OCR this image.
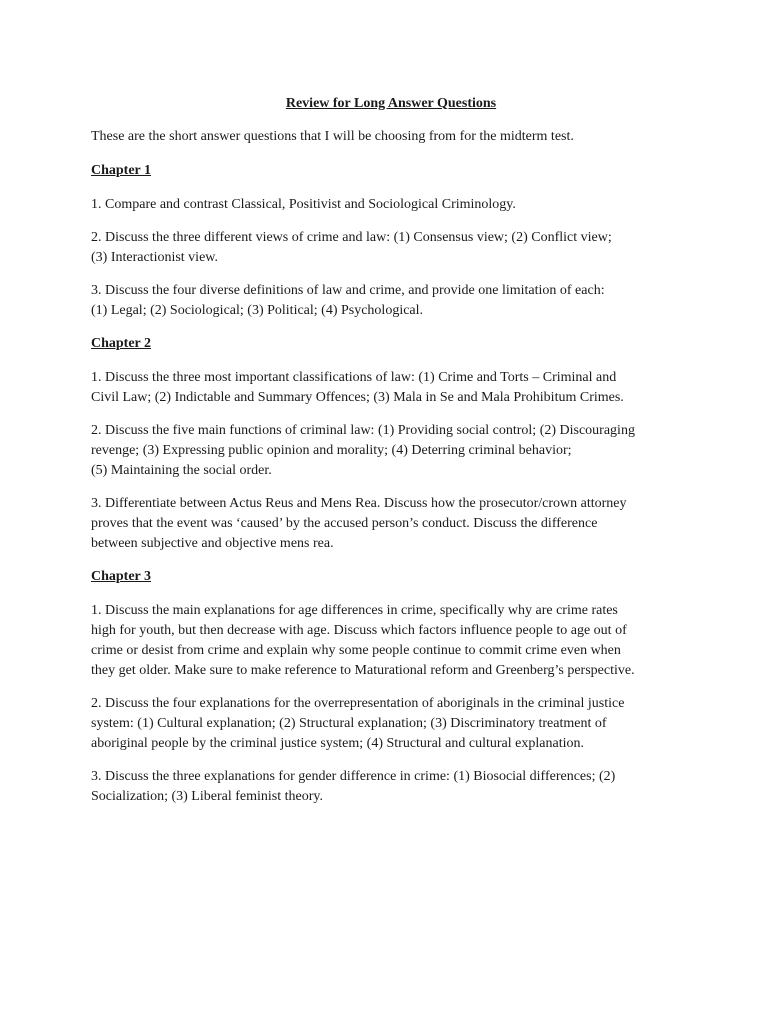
Review for Long Answer Questions

These are the short answer questions that I will be choosing from for the midterm test.

Chapter 1

1. Compare and contrast Classical, Positivist and Sociological Criminology.

2. Discuss the three different views of crime and law: (1) Consensus view; (2) Conflict view;
(3) Interactionist view.

3. Discuss the four diverse definitions of law and crime, and provide one limitation of each:
(1) Legal; (2) Sociological; (3) Political; (4) Psychological.

Chapter 2

1. Discuss the three most important classifications of law: (1) Crime and Torts – Criminal and
Civil Law; (2) Indictable and Summary Offences; (3) Mala in Se and Mala Prohibitum Crimes.

2. Discuss the five main functions of criminal law: (1) Providing social control; (2) Discouraging
revenge; (3) Expressing public opinion and morality; (4) Deterring criminal behavior;
(5) Maintaining the social order.

3. Differentiate between Actus Reus and Mens Rea. Discuss how the prosecutor/crown attorney
proves that the event was ‘caused’ by the accused person’s conduct. Discuss the difference
between subjective and objective mens rea.

Chapter 3

1. Discuss the main explanations for age differences in crime, specifically why are crime rates
high for youth, but then decrease with age. Discuss which factors influence people to age out of
crime or desist from crime and explain why some people continue to commit crime even when
they get older. Make sure to make reference to Maturational reform and Greenberg’s perspective.

2. Discuss the four explanations for the overrepresentation of aboriginals in the criminal justice
system: (1) Cultural explanation; (2) Structural explanation; (3) Discriminatory treatment of
aboriginal people by the criminal justice system; (4) Structural and cultural explanation.

3. Discuss the three explanations for gender difference in crime: (1) Biosocial differences; (2)
Socialization; (3) Liberal feminist theory.
